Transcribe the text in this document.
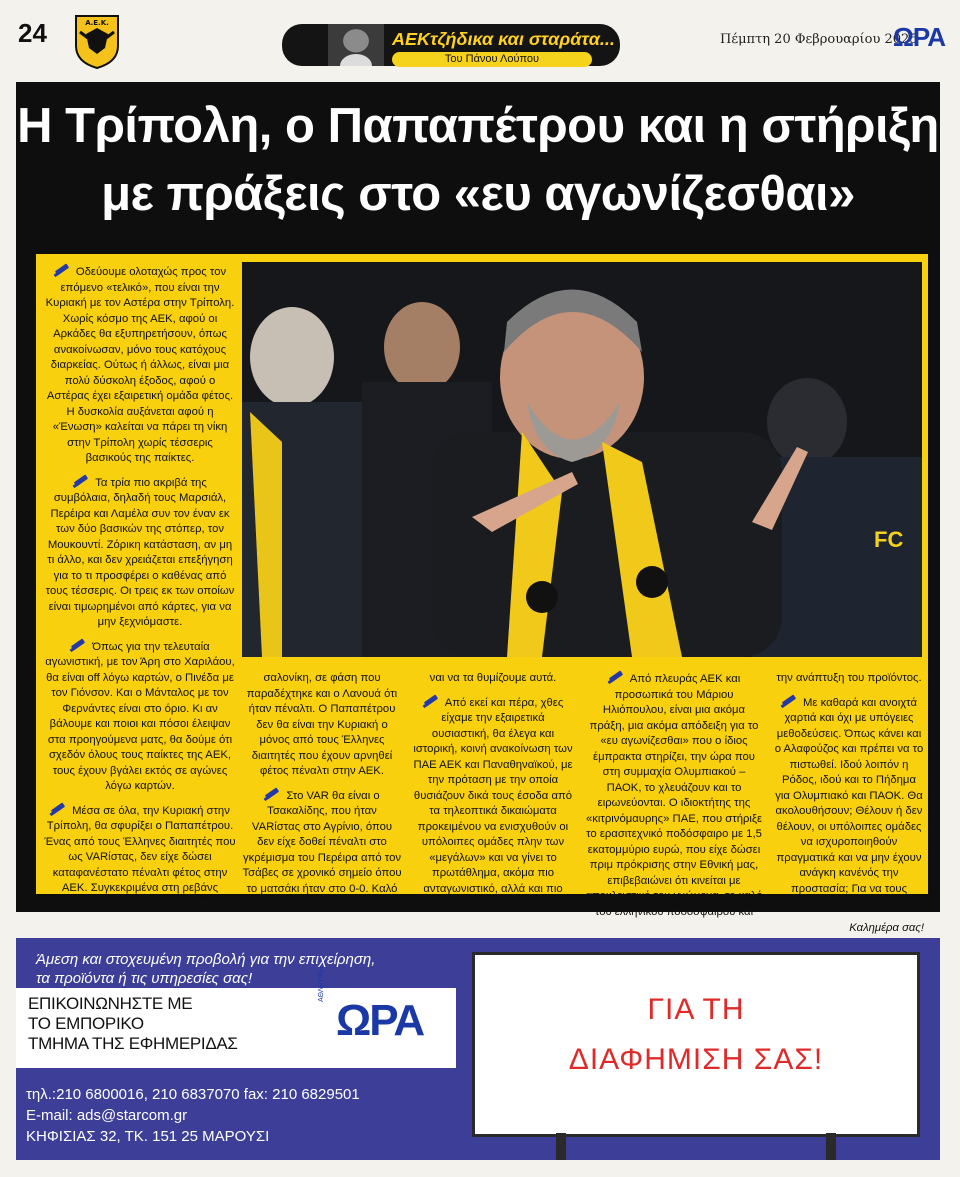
24	Α.Ε.Κ.
ΑΕΚτζήδικα και σταράτα...
Του Πάνου Λούπου
Πέμπτη 20 Φεβρουαρίου 2025
ΩΡΑ
Η Τρίπολη, ο Παπαπέτρου και η στήριξη
με πράξεις στο «ευ αγωνίζεσθαι»
FC

Οδεύουμε ολοταχώς προς τον επόμενο «τελικό», που είναι την Κυριακή με τον Αστέρα στην Τρίπολη. Χωρίς κόσμο της ΑΕΚ, αφού οι Αρκάδες θα εξυπηρετήσουν, όπως ανακοίνωσαν, μόνο τους κατόχους διαρκείας. Ούτως ή άλλως, είναι μια πολύ δύσκολη έξοδος, αφού ο Αστέρας έχει εξαιρετική ομάδα φέτος. Η δυσκολία αυξάνεται αφού η «Ένωση» καλείται να πάρει τη νίκη στην Τρίπολη χωρίς τέσσερις βασικούς της παίκτες.

Τα τρία πιο ακριβά της συμβόλαια, δηλαδή τους Μαρσιάλ, Περέιρα και Λαμέλα συν τον έναν εκ των δύο βασικών της στόπερ, τον Μουκουντί. Ζόρικη κατάσταση, αν μη τι άλλο, και δεν χρειάζεται επεξήγηση για το τι προσφέρει ο καθένας από τους τέσσερις. Οι τρεις εκ των οποίων είναι τιμωρημένοι από κάρτες, για να μην ξεχνιόμαστε.

Όπως για την τελευταία αγωνιστική, με τον Άρη στο Χαριλάου, θα είναι off λόγω καρτών, ο Πινέδα με τον Γιόνσον. Και ο Μάνταλος με τον Φερνάντες είναι στο όριο. Κι αν βάλουμε και ποιοι και πόσοι έλειψαν στα προηγούμενα ματς, θα δούμε ότι σχεδόν όλους τους παίκτες της ΑΕΚ, τους έχουν βγάλει εκτός σε αγώνες λόγω καρτών.

Μέσα σε όλα, την Κυριακή στην Τρίπολη, θα σφυρίξει ο Παπαπέτρου. Ένας από τους Έλληνες διαιτητές που ως VARίστας, δεν είχε δώσει καταφανέστατο πέναλτι φέτος στην ΑΕΚ. Συγκεκριμένα στη ρεβάνς Κυπέλλου με τον Άρη στην Θε-

σαλονίκη, σε φάση που παραδέχτηκε και ο Λανουά ότι ήταν πέναλτι. Ο Παπαπέτρου δεν θα είναι την Κυριακή ο μόνος από τους Έλληνες διαιτητές που έχουν αρνηθεί φέτος πέναλτι στην ΑΕΚ.

Στο VAR θα είναι ο Τσακαλίδης, που ήταν VARίστας στο Αγρίνιο, όπου δεν είχε δοθεί πέναλτι στο γκρέμισμα του Περέιρα από τον Τσάβες σε χρονικό σημείο όπου το ματσάκι ήταν στο 0-0. Καλό εί-

ναι να τα θυμίζουμε αυτά.

Από εκεί και πέρα, χθες είχαμε την εξαιρετικά ουσιαστική, θα έλεγα και ιστορική, κοινή ανακοίνωση των ΠΑΕ ΑΕΚ και Παναθηναϊκού, με την πρόταση με την οποία θυσιάζουν δικά τους έσοδα από τα τηλεοπτικά δικαιώματα προκειμένου να ενισχυθούν οι υπόλοιπες ομάδες πλην των «μεγάλων» και να γίνει το πρωτάθλημα, ακόμα πιο ανταγωνιστικό, αλλά και πιο αξιόπιστο.

Από πλευράς ΑΕΚ και προσωπικά του Μάριου Ηλιόπουλου, είναι μια ακόμα πράξη, μια ακόμα απόδειξη για το «ευ αγωνίζεσθαι» που ο ίδιος έμπρακτα στηρίζει, την ώρα που στη συμμαχία Ολυμπιακού – ΠΑΟΚ, το χλευάζουν και το ειρωνεύονται. Ο ιδιοκτήτης της «κιτρινόμαυρης» ΠΑΕ, που στήριξε το ερασιτεχνικό ποδόσφαιρο με 1,5 εκατομμύριο ευρώ, που είχε δώσει πριμ πρόκρισης στην Εθνική μας, επιβεβαιώνει ότι κινείται με αποκλειστικό του γνώμονα, το καλό του ελληνικού ποδοσφαίρου και

την ανάπτυξη του προϊόντος.

Με καθαρά και ανοιχτά χαρτιά και όχι με υπόγειες μεθοδεύσεις. Όπως κάνει και ο Αλαφούζος και πρέπει να το πιστωθεί. Ιδού λοιπόν η Ρόδος, ιδού και το Πήδημα για Ολυμπιακό και ΠΑΟΚ. Θα ακολουθήσουν; Θέλουν ή δεν θέλουν, οι υπόλοιπες ομάδες να ισχυροποιηθούν πραγματικά και να μην έχουν ανάγκη κανένός την προστασία; Για να τους δούμε...

Καλημέρα σας!

Άμεση και στοχευμένη προβολή για την επιχείρηση,
τα προϊόντα ή τις υπηρεσίες σας!
ΕΠΙΚΟΙΝΩΝΗΣΤΕ ΜΕ
ΤΟ ΕΜΠΟΡΙΚΟ
ΤΜΗΜΑ ΤΗΣ ΕΦΗΜΕΡΙΔΑΣ
ΑΘΛΗΤΙΚΗ
ΩΡΑ
τηλ.:210 6800016, 210 6837070 fax: 210 6829501
E-mail: ads@starcom.gr
ΚΗΦΙΣΙΑΣ 32, ΤΚ. 151 25 ΜΑΡΟΥΣΙ
ΓΙΑ ΤΗ
ΔΙΑΦΗΜΙΣΗ ΣΑΣ!
